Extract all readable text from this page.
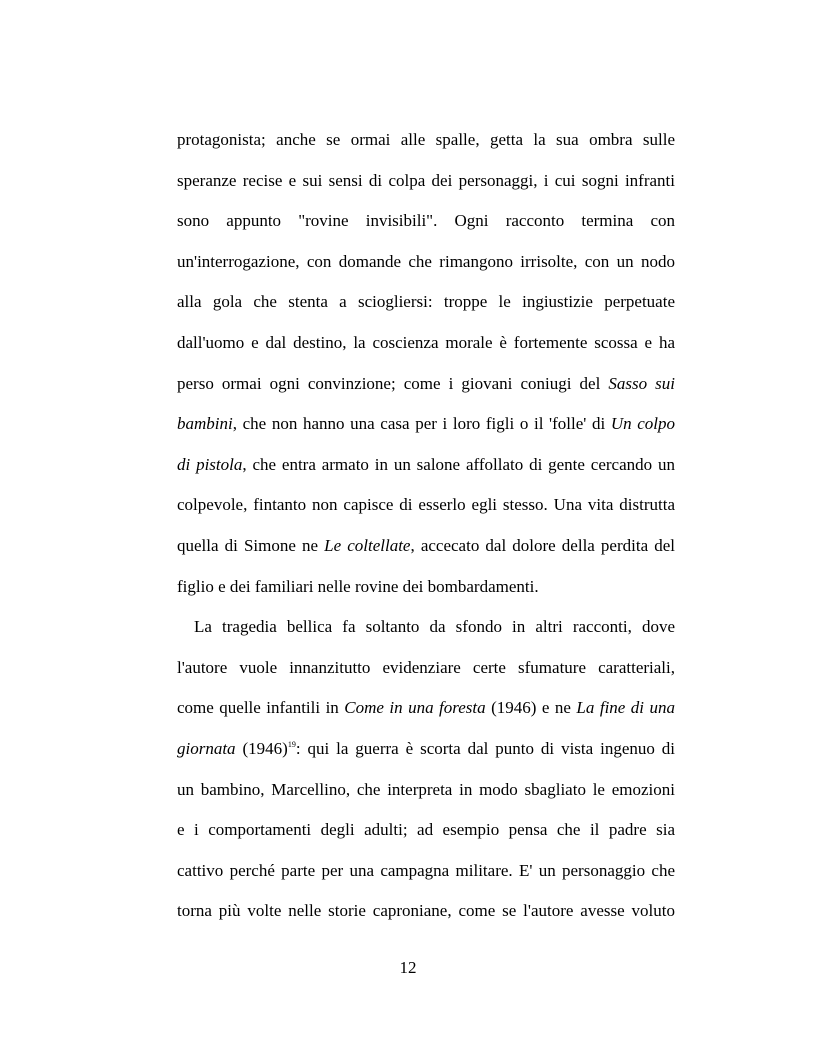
protagonista; anche se ormai alle spalle, getta la sua ombra sulle
speranze recise e sui sensi di colpa dei personaggi, i cui sogni infranti
sono appunto "rovine invisibili". Ogni racconto termina con
un'interrogazione, con domande che rimangono irrisolte, con un nodo
alla gola che stenta a sciogliersi: troppe le ingiustizie perpetuate
dall'uomo e dal destino, la coscienza morale è fortemente scossa e ha
perso ormai ogni convinzione; come i giovani coniugi del Sasso sui
bambini, che non hanno una casa per i loro figli o il 'folle' di Un colpo
di pistola, che entra armato in un salone affollato di gente cercando un
colpevole, fintanto non capisce di esserlo egli stesso. Una vita distrutta
quella di Simone ne Le coltellate, accecato dal dolore della perdita del
figlio e dei familiari nelle rovine dei bombardamenti.
La tragedia bellica fa soltanto da sfondo in altri racconti, dove
l'autore vuole innanzitutto evidenziare certe sfumature caratteriali,
come quelle infantili in Come in una foresta (1946) e ne La fine di una
giornata (1946)$^{19}$: qui la guerra è scorta dal punto di vista ingenuo di
un bambino, Marcellino, che interpreta in modo sbagliato le emozioni
e i comportamenti degli adulti; ad esempio pensa che il padre sia
cattivo perché parte per una campagna militare. E' un personaggio che
torna più volte nelle storie caproniane, come se l'autore avesse voluto
12
